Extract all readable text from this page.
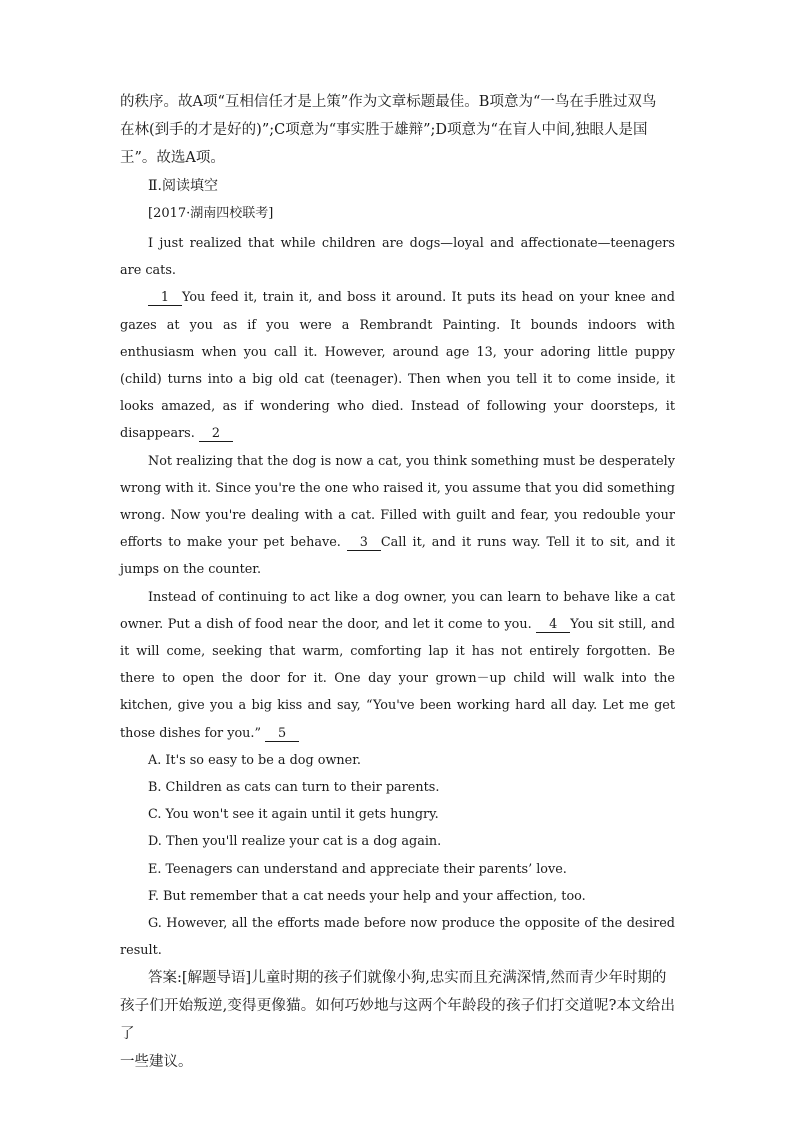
的秩序。故A项“互相信任才是上策”作为文章标题最佳。B项意为“一鸟在手胜过双鸟

在林(到手的才是好的)”;C项意为“事实胜于雄辩”;D项意为“在盲人中间,独眼人是国

王”。故选A项。

Ⅱ.阅读填空

[2017·湖南四校联考]

I just realized that while children are dogs—loyal and affectionate—teenagers are cats.

1 You feed it, train it, and boss it around. It puts its head on your knee and gazes at you as if you were a Rembrandt Painting. It bounds indoors with enthusiasm when you call it. However, around age 13, your adoring little puppy (child) turns into a big old cat (teenager). Then when you tell it to come inside, it looks amazed, as if wondering who died. Instead of following your doorsteps, it disappears. 2

Not realizing that the dog is now a cat, you think something must be desperately wrong with it. Since you're the one who raised it, you assume that you did something wrong. Now you're dealing with a cat. Filled with guilt and fear, you redouble your efforts to make your pet behave. 3 Call it, and it runs way. Tell it to sit, and it jumps on the counter.

Instead of continuing to act like a dog owner, you can learn to behave like a cat owner. Put a dish of food near the door, and let it come to you. 4 You sit still, and it will come, seeking that warm, comforting lap it has not entirely forgotten. Be there to open the door for it. One day your grown－up child will walk into the kitchen, give you a big kiss and say, “You've been working hard all day. Let me get those dishes for you.” 5

A. It's so easy to be a dog owner.

B. Children as cats can turn to their parents.

C. You won't see it again until it gets hungry.

D. Then you'll realize your cat is a dog again.

E. Teenagers can understand and appreciate their parents’ love.

F. But remember that a cat needs your help and your affection, too.

G. However, all the efforts made before now produce the opposite of the desired result.

答案:[解题导语]儿童时期的孩子们就像小狗,忠实而且充满深情,然而青少年时期的

孩子们开始叛逆,变得更像猫。如何巧妙地与这两个年龄段的孩子们打交道呢?本文给出了

一些建议。
